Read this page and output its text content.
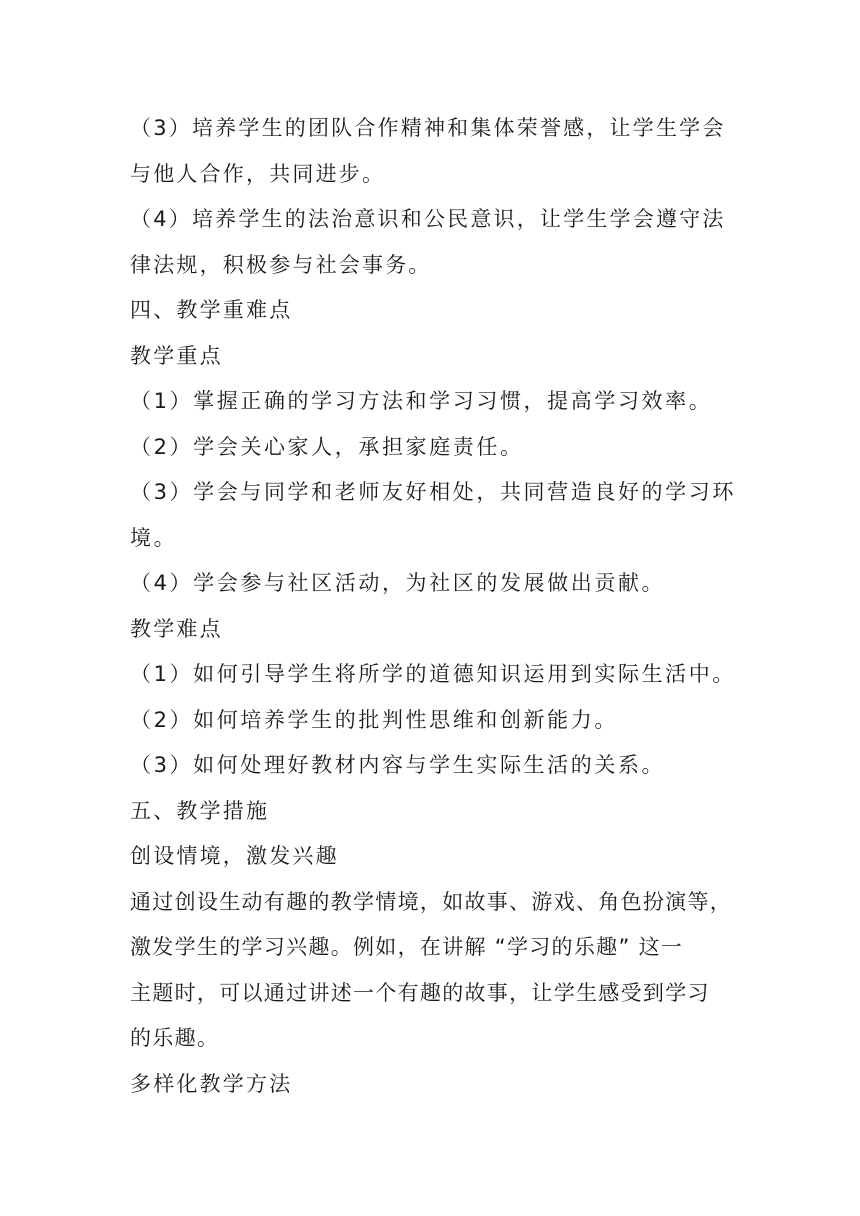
（3）培养学生的团队合作精神和集体荣誉感，让学生学会
与他人合作，共同进步。
（4）培养学生的法治意识和公民意识，让学生学会遵守法
律法规，积极参与社会事务。
四、教学重难点
教学重点
（1）掌握正确的学习方法和学习习惯，提高学习效率。
（2）学会关心家人，承担家庭责任。
（3）学会与同学和老师友好相处，共同营造良好的学习环
境。
（4）学会参与社区活动，为社区的发展做出贡献。
教学难点
（1）如何引导学生将所学的道德知识运用到实际生活中。
（2）如何培养学生的批判性思维和创新能力。
（3）如何处理好教材内容与学生实际生活的关系。
五、教学措施
创设情境，激发兴趣
通过创设生动有趣的教学情境，如故事、游戏、角色扮演等，
激发学生的学习兴趣。例如，在讲解 “学习的乐趣” 这一
主题时，可以通过讲述一个有趣的故事，让学生感受到学习
的乐趣。
多样化教学方法
